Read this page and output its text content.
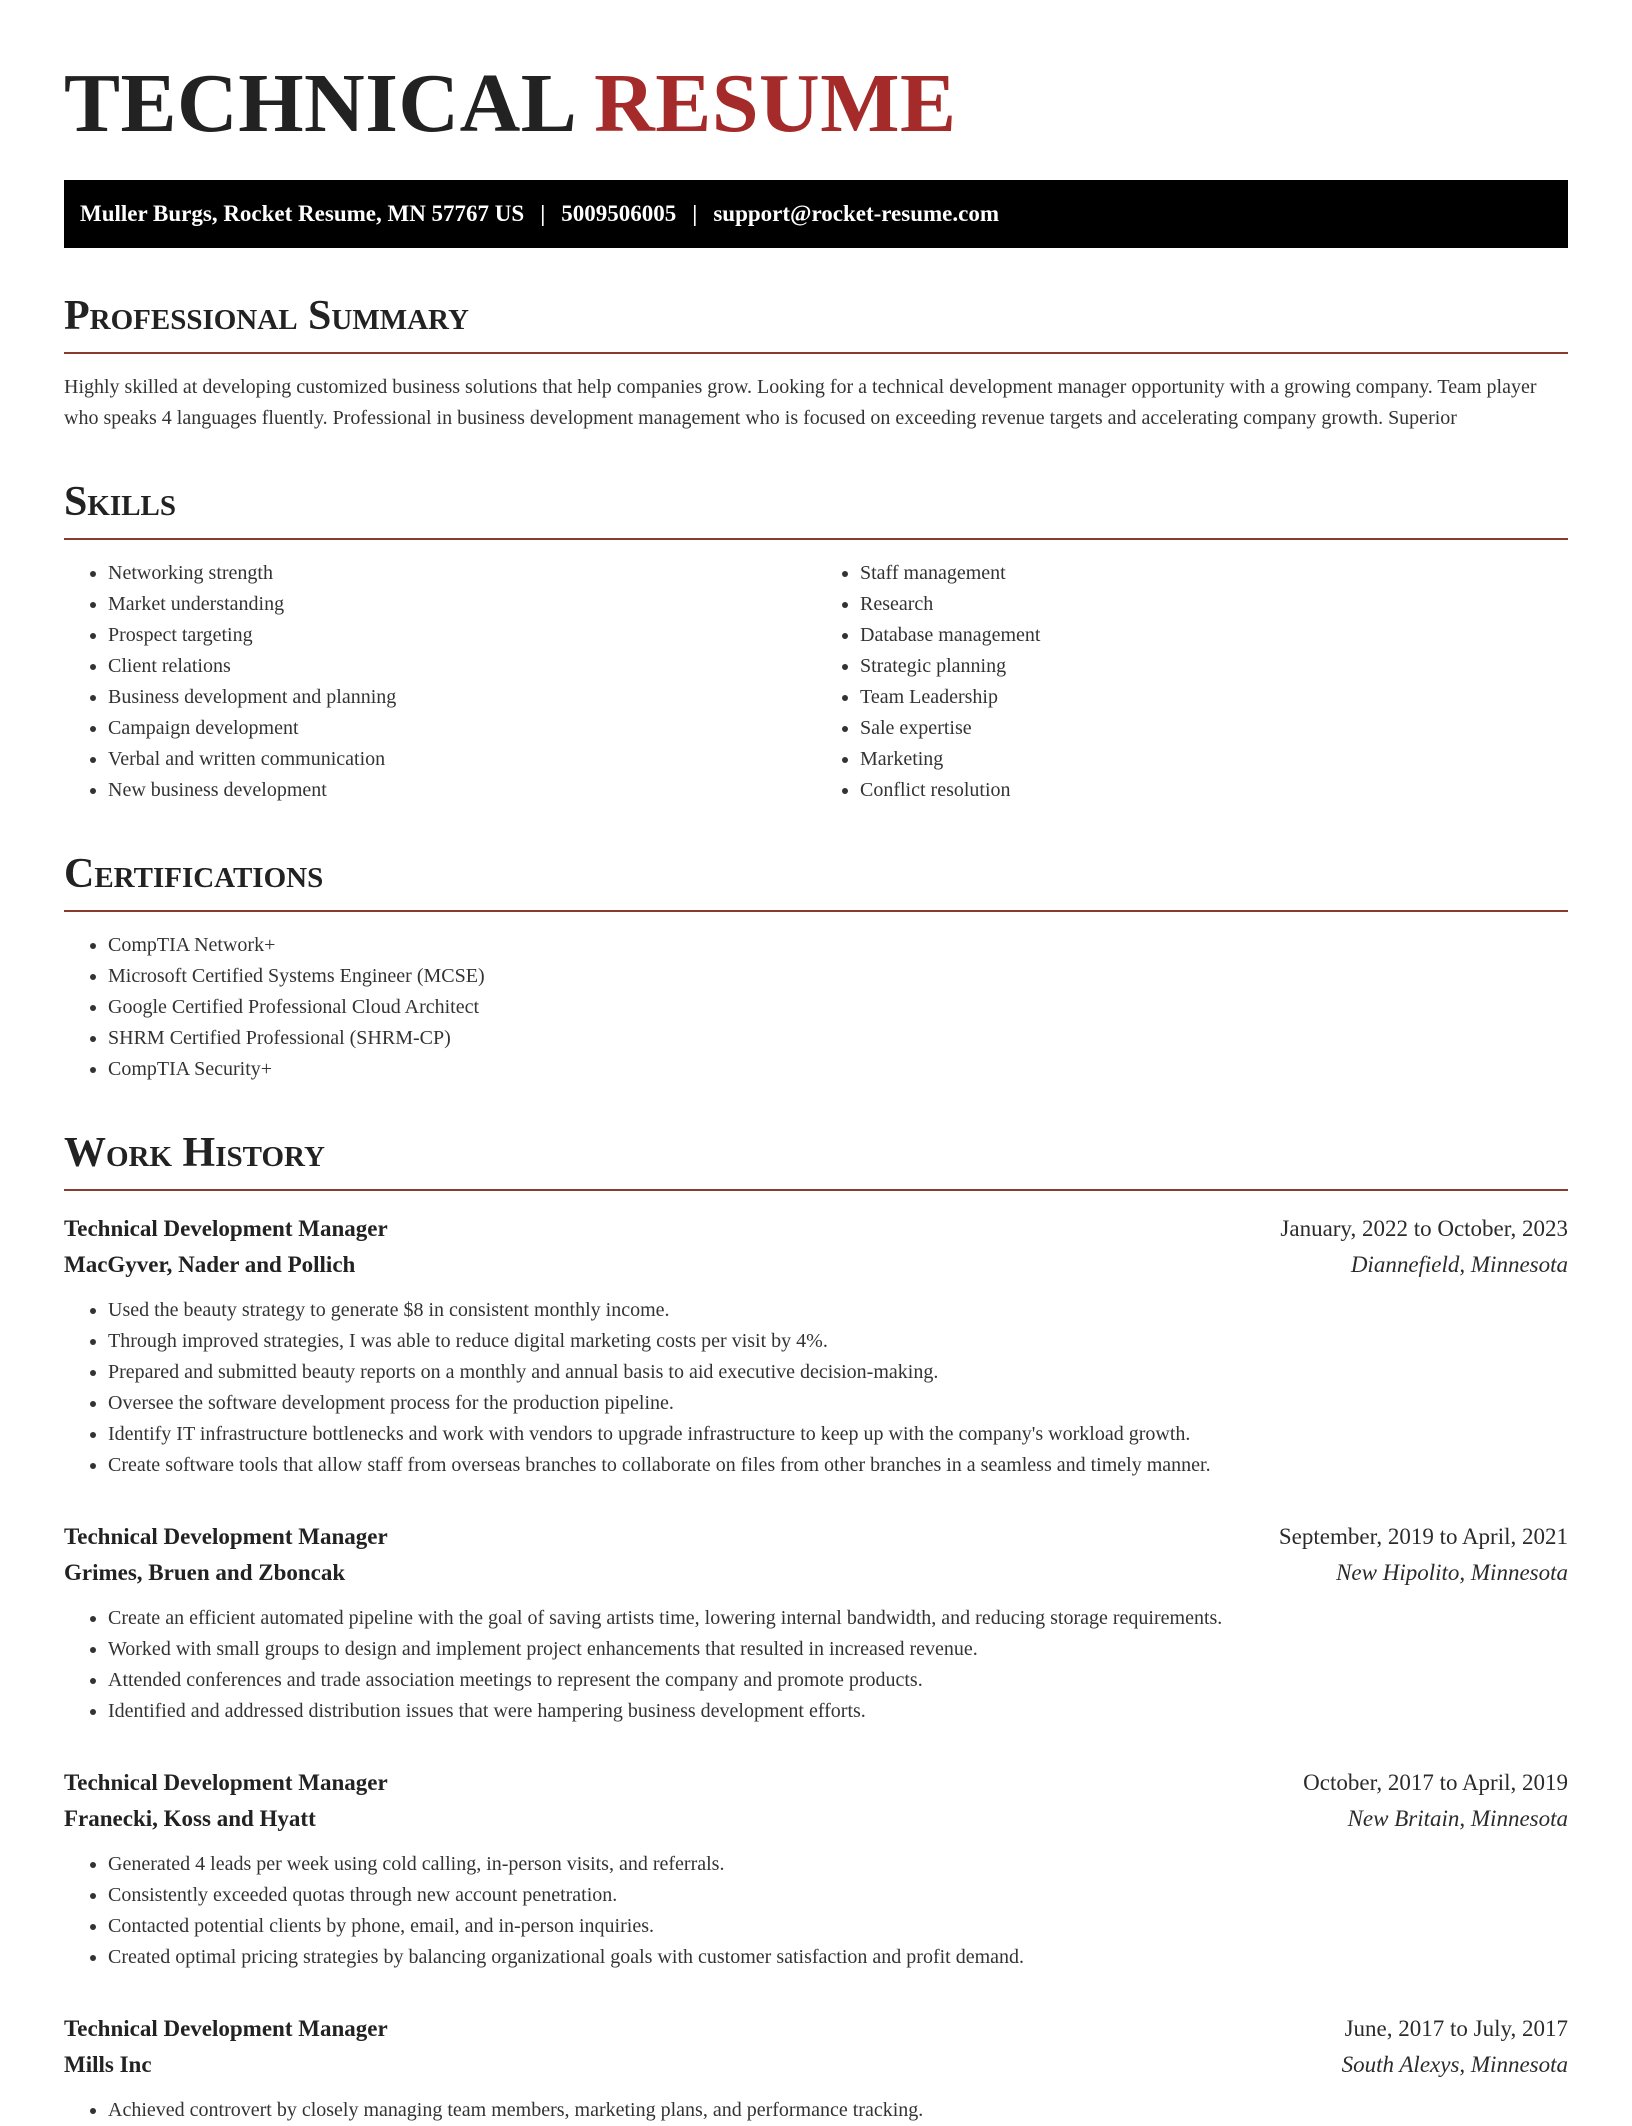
TECHNICAL RESUME
Muller Burgs, Rocket Resume, MN 57767 US | 5009506005 | support@rocket-resume.com
Professional Summary

Highly skilled at developing customized business solutions that help companies grow. Looking for a technical development manager opportunity with a growing company. Team player who speaks 4 languages fluently. Professional in business development management who is focused on exceeding revenue targets and accelerating company growth. Superior

Skills
• Networking strength
• Market understanding
• Prospect targeting
• Client relations
• Business development and planning
• Campaign development
• Verbal and written communication
• New business development
• Staff management
• Research
• Database management
• Strategic planning
• Team Leadership
• Sale expertise
• Marketing
• Conflict resolution
Certifications
• CompTIA Network+
• Microsoft Certified Systems Engineer (MCSE)
• Google Certified Professional Cloud Architect
• SHRM Certified Professional (SHRM-CP)
• CompTIA Security+
Work History
Technical Development Manager	January, 2022 to October, 2023
MacGyver, Nader and Pollich	Diannefield, Minnesota
• Used the beauty strategy to generate $8 in consistent monthly income.
• Through improved strategies, I was able to reduce digital marketing costs per visit by 4%.
• Prepared and submitted beauty reports on a monthly and annual basis to aid executive decision-making.
• Oversee the software development process for the production pipeline.
• Identify IT infrastructure bottlenecks and work with vendors to upgrade infrastructure to keep up with the company's workload growth.
• Create software tools that allow staff from overseas branches to collaborate on files from other branches in a seamless and timely manner.
Technical Development Manager	September, 2019 to April, 2021
Grimes, Bruen and Zboncak	New Hipolito, Minnesota
• Create an efficient automated pipeline with the goal of saving artists time, lowering internal bandwidth, and reducing storage requirements.
• Worked with small groups to design and implement project enhancements that resulted in increased revenue.
• Attended conferences and trade association meetings to represent the company and promote products.
• Identified and addressed distribution issues that were hampering business development efforts.
Technical Development Manager	October, 2017 to April, 2019
Franecki, Koss and Hyatt	New Britain, Minnesota
• Generated 4 leads per week using cold calling, in-person visits, and referrals.
• Consistently exceeded quotas through new account penetration.
• Contacted potential clients by phone, email, and in-person inquiries.
• Created optimal pricing strategies by balancing organizational goals with customer satisfaction and profit demand.
Technical Development Manager	June, 2017 to July, 2017
Mills Inc	South Alexys, Minnesota
• Achieved controvert by closely managing team members, marketing plans, and performance tracking.
